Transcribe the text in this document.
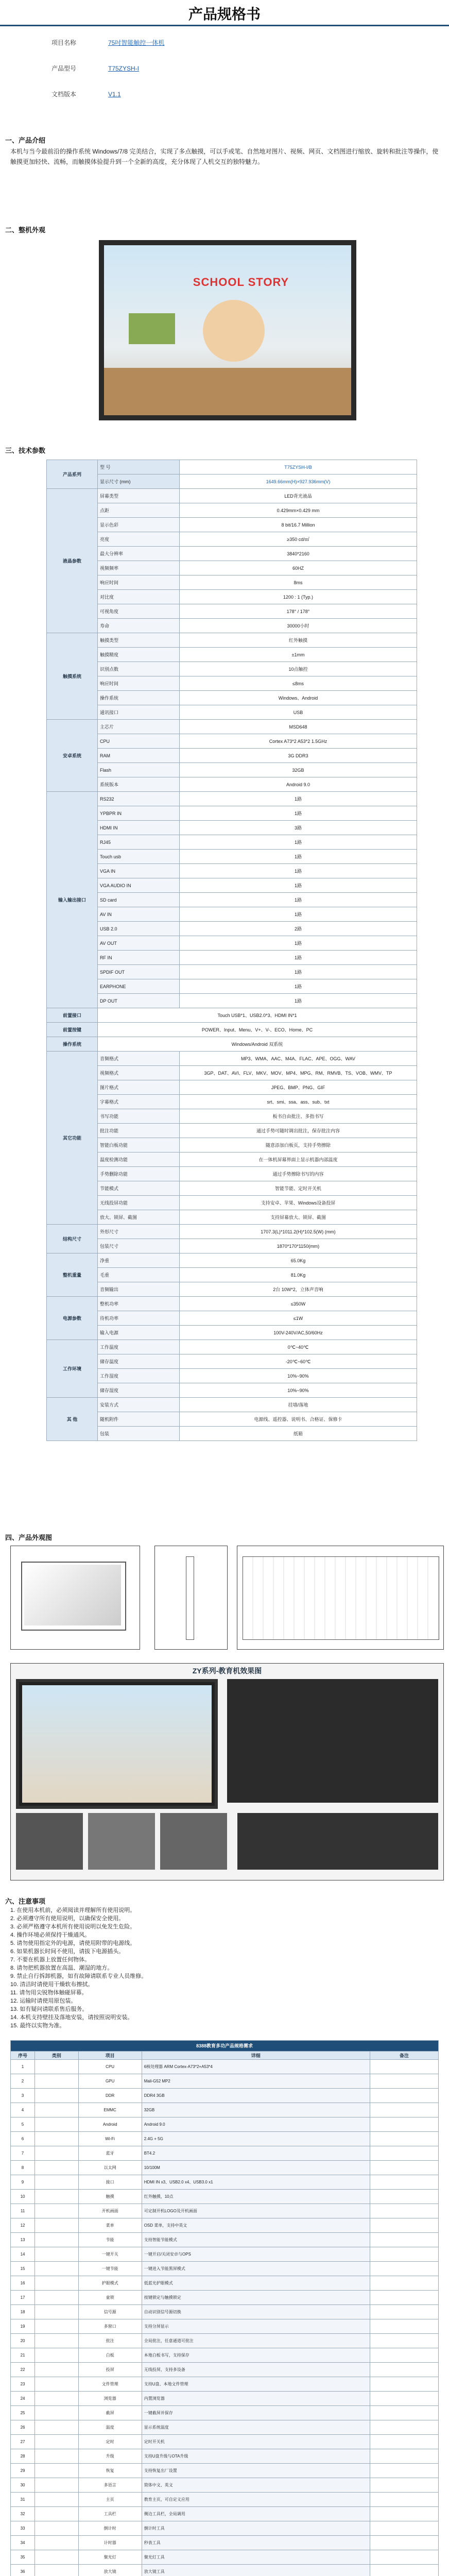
产品规格书
项目名称	75吋智能触控一体机
产品型号	T75ZYSH-I
文档版本	V1.1
一、产品介绍
本机与当今最前沿的操作系统 Windows/7/8 完美结合，实现了多点触摸，可以手或笔、自然地对图片、视频、网页、文档图进行缩放、旋转和批注等操作，使触摸更加轻快、流畅，而触摸体验提升到一个全新的高度，充分体现了人机交互的独特魅力。
二、整机外观
SCHOOL STORY
三、技术参数
产品系列	型 号	T75ZYSH-I/B
	显示尺寸 (mm)	1649.66mm(H)×927.936mm(V)
液晶参数	屏幕类型	LED背光液晶
	点距	0.429mm×0.429 mm
	显示色彩	8 bit/16.7 Million
	亮度	≥350 cd/㎡
	最大分辨率	3840*2160
	视频频率	60HZ
	响应时间	8ms
	对比度	1200 : 1 (Typ.)
	可视角度	178° / 178°
	寿命	30000小时
触摸系统	触摸类型	红外触摸
	触摸精度	±1mm
	识别点数	10点触控
	响应时间	≤8ms
	操作系统	Windows、Android
	通讯接口	USB
安卓系统	主芯片	MSD648
	CPU	Cortex A73*2 A53*2 1.5GHz
	RAM	3G DDR3
	Flash	32GB
	系统版本	Android 9.0
输入输出接口	RS232	1路
	YPBPR IN	1路
	HDMI IN	3路
	RJ45	1路
	Touch usb	1路
	VGA IN	1路
	VGA AUDIO IN	1路
	SD card	1路
	AV IN	1路
	USB 2.0	2路
	AV OUT	1路
	RF IN	1路
	SPDIF OUT	1路
	EARPHONE	1路
	DP OUT	1路
前置接口	Touch USB*1、USB2.0*3、HDMI IN*1	
前置按键	POWER、Input、Menu、V+、V-、ECO、Home、PC	
操作系统	Windows/Android 双系统	
其它功能	音频格式	MP3、WMA、AAC、M4A、FLAC、APE、OGG、WAV
	视频格式	3GP、DAT、AVI、FLV、MKV、MOV、MP4、MPG、RM、RMVB、TS、VOB、WMV、TP
	图片格式	JPEG、BMP、PNG、GIF
	字幕格式	srt、smi、ssa、ass、sub、txt
	书写功能	板书自由批注、多指书写
	批注功能	通过手势可随时调出批注，保存批注内容
	智能白板功能	随意添加白板页，支持手势擦除
	温度检测功能	在一体机屏幕界面上显示机器内部温度
	手势删除功能	通过手势擦除书写的内容
	节能模式	智能节能、定时开关机
	无线投屏功能	支持安卓、苹果、Windows设备投屏
	放大、锁屏、截图	支持屏幕放大、锁屏、截图
结构尺寸	外形尺寸	1707.3(L)*1011.2(H)*102.5(W) (mm)
	包装尺寸	1870*170*1150(mm)
整机重量	净重	65.0Kg
	毛重	81.0Kg
	音频输出	2台 10W*2，立体声音响
电源参数	整机功率	≤350W
	待机功率	≤1W
	输入电源	100V-240V/AC,50/60Hz
工作环境	工作温度	0℃~40℃
	储存温度	-20℃~60℃
	工作湿度	10%~90%
	储存湿度	10%~90%
其 他	安装方式	挂墙/落地
	随机附件	电源线、遥控器、说明书、合格证、保修卡
	包装	纸箱
四、产品外观图
ZY系列-教育机效果图
六、注意事项
1. 在使用本机前，必须阅读并理解所有使用说明。
2. 必须遵守所有使用说明，以确保安全使用。
3. 必须严格遵守本机所有使用说明以免发生危险。
4. 操作环境必须保持干燥通风。
5. 请勿使用指定外的电源，请使用附带的电源线。
6. 如果机器长时间不使用，请拔下电源插头。
7. 不要在机器上放置任何物体。
8. 请勿把机器放置在高温、潮湿的地方。
9. 禁止自行拆卸机器，如有故障请联系专业人员维修。
10. 清洁时请使用干燥软布擦拭。
11. 请勿用尖锐物体触碰屏幕。
12. 运输时请使用原包装。
13. 如有疑问请联系售后服务。
14. 本机支持壁挂及落地安装，请按照说明安装。
15. 最终以实物为准。
8388教育多功产品规格需求				
序号	类别	项目	详细	备注
1		CPU	6核处理器 ARM Cortex-A73*2+A53*4	
2		GPU	Mali-G52 MP2	
3		DDR	DDR4 3GB	
4		EMMC	32GB	
5		Android	Android 9.0	
6		Wi-Fi	2.4G + 5G	
7		蓝牙	BT4.2	
8		以太网	10/100M	
9		接口	HDMI IN x3、USB2.0 x4、USB3.0 x1	
10		触摸	红外触摸，10点	
11		开机画面	可定制开机LOGO及开机画面	
12		菜单	OSD 菜单，支持中英文	
13		节能	支持智能节能模式	
14		一键开关	一键开启/关闭安卓与OPS	
15		一键节能	一键进入节能黑屏模式	
16		护眼模式	低蓝光护眼模式	
17		童锁	按键锁定与触摸锁定	
18		信号源	自动识别信号源切换	
19		多窗口	支持分屏显示	
20		批注	全局批注，任意通道可批注	
21		白板	本地白板书写，支持保存	
22		投屏	无线投屏，支持多设备	
23		文件管理	支持U盘、本地文件管理	
24		浏览器	内置浏览器	
25		截屏	一键截屏并保存	
26		温度	显示系统温度	
27		定时	定时开关机	
28		升级	支持U盘升级与OTA升级	
29		恢复	支持恢复出厂设置	
30		多语言	简体中文、英文	
31		主页	教育主页，可自定义应用	
32		工具栏	侧边工具栏，全局调用	
33		倒计时	倒计时工具	
34		计时器	秒表工具	
35		聚光灯	聚光灯工具	
36		放大镜	放大镜工具	
